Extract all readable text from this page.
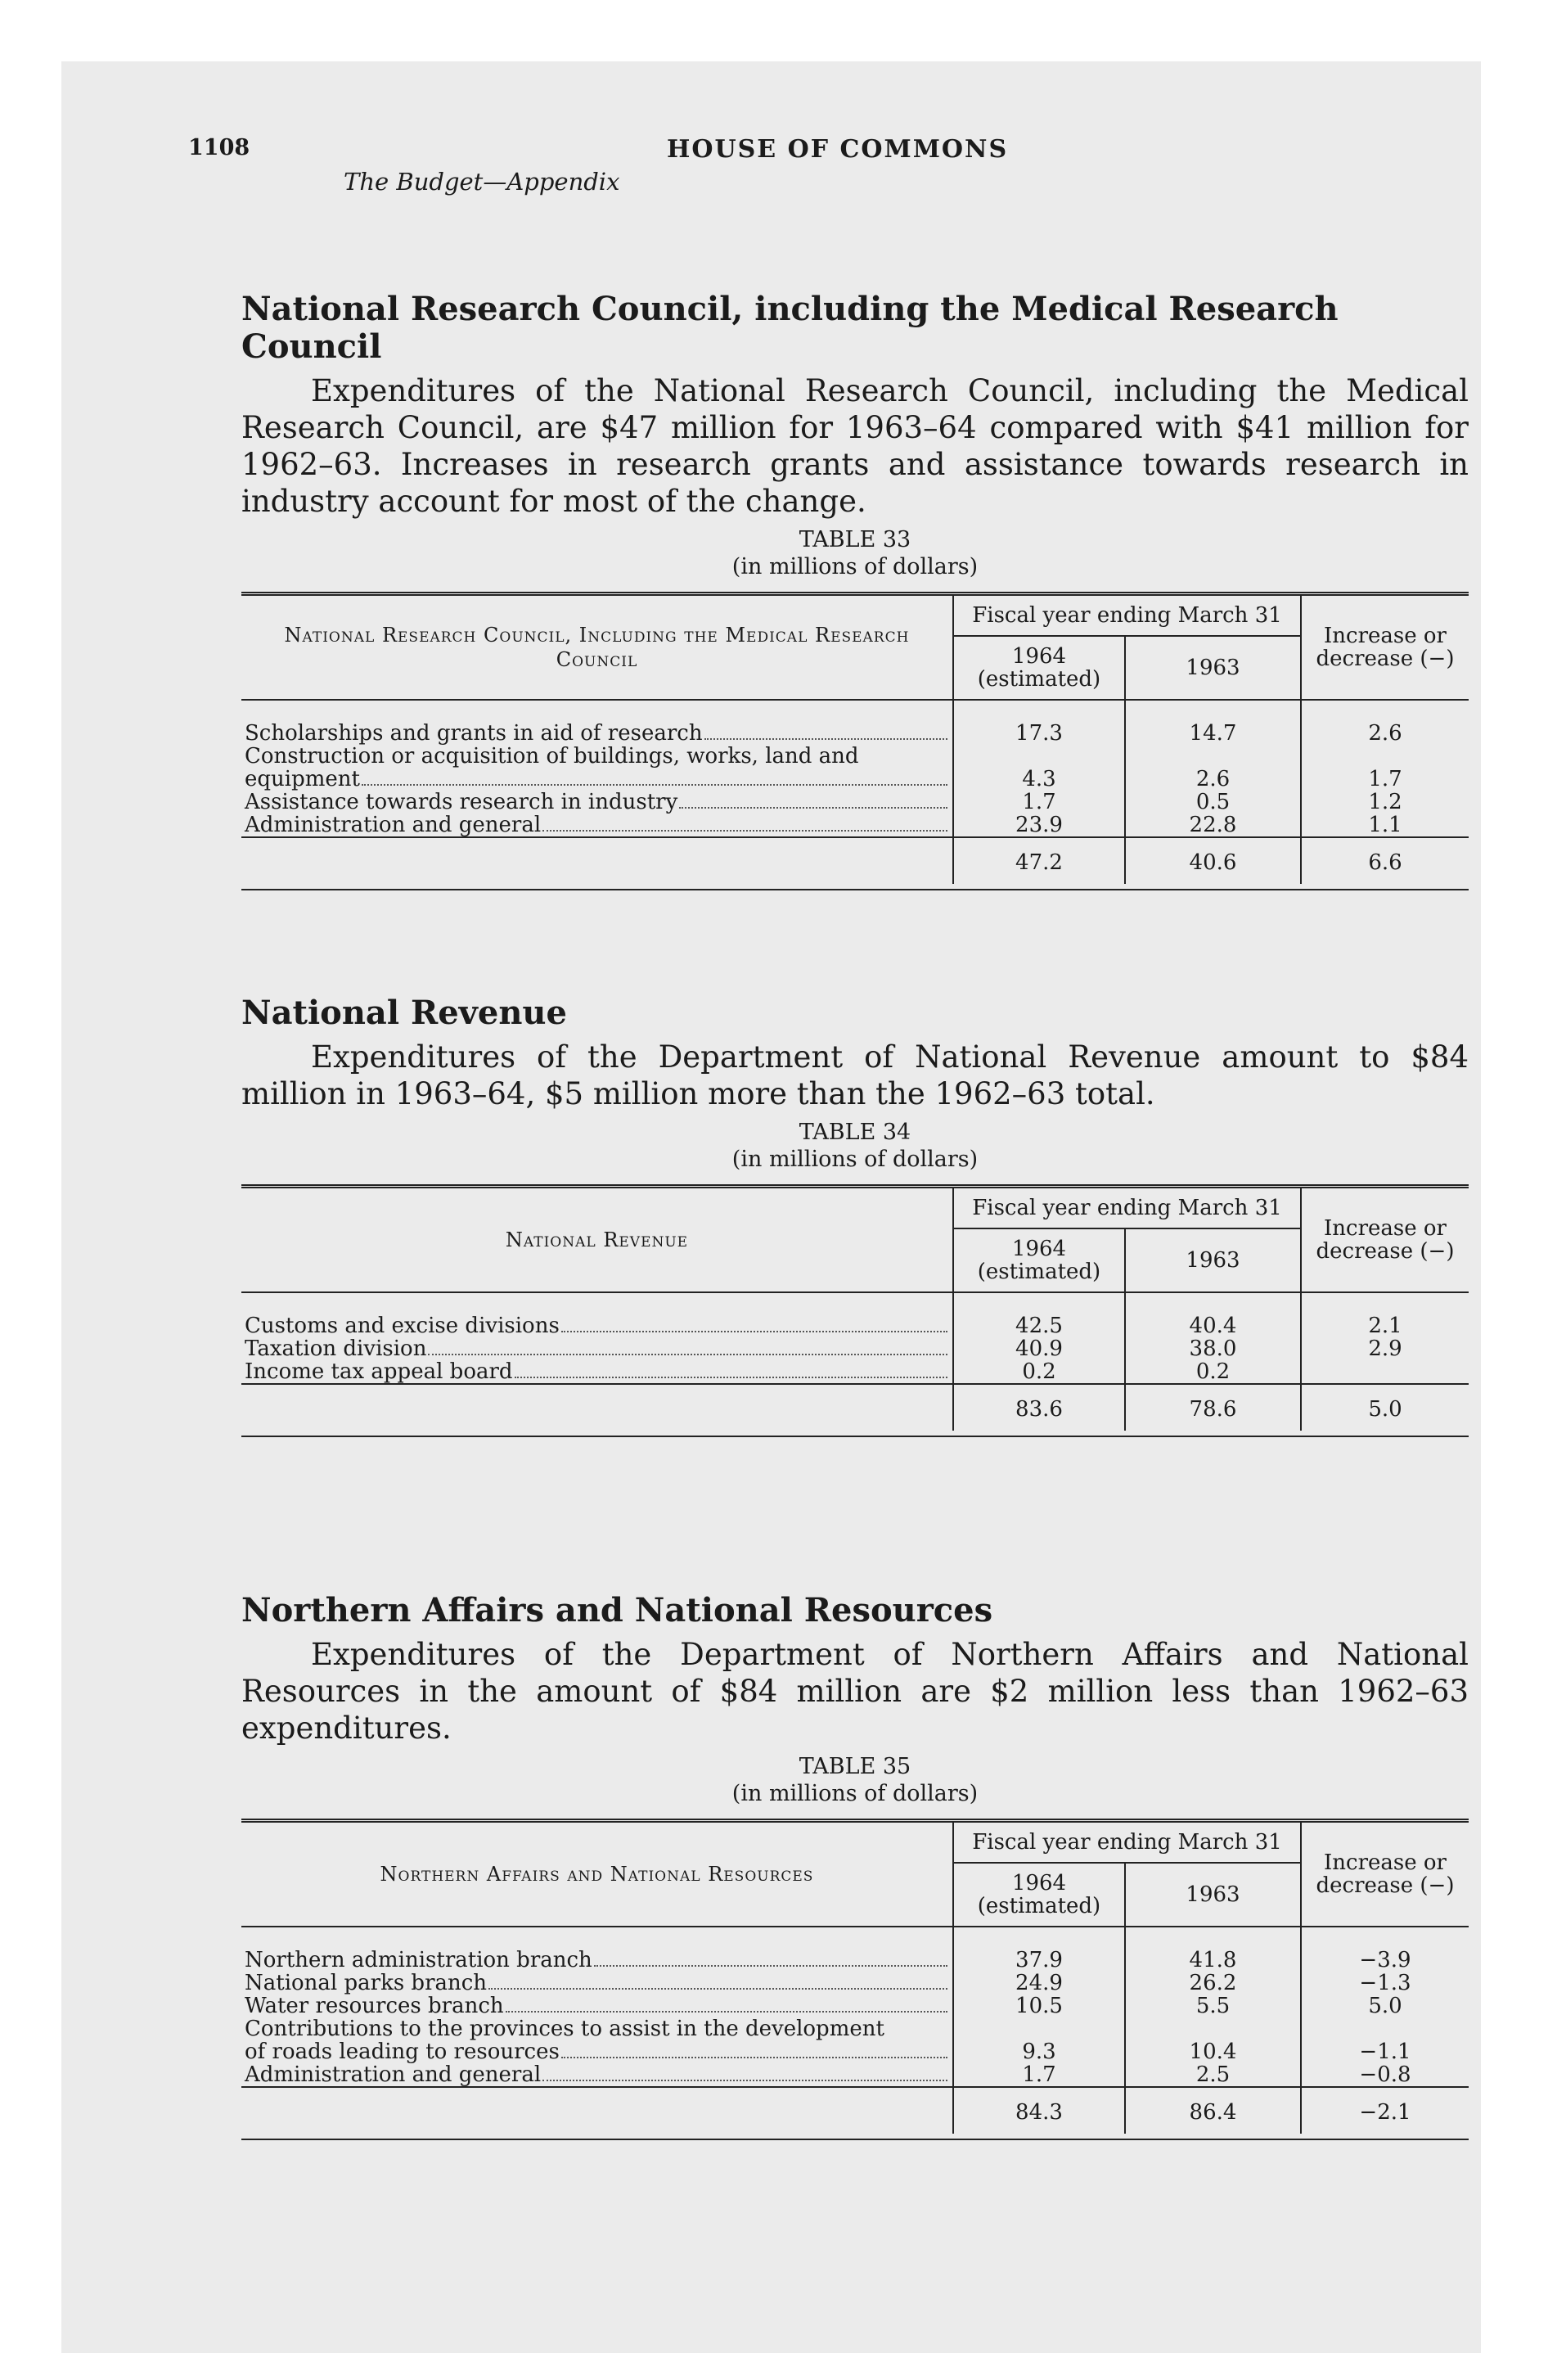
1108	HOUSE OF COMMONS
The Budget—Appendix
National Research Council, including the Medical Research Council

Expenditures of the National Research Council, including the Medical Research Council, are $47 million for 1963–64 compared with $41 million for 1962–63. Increases in research grants and assistance towards research in industry account for most of the change.

TABLE 33
(in millions of dollars)
National Research Council, Including the Medical Research Council	Fiscal year ending March 31		Increase or decrease (−)
	1964 (estimated)	1963	

Scholarships and grants in aid of research	17.3	14.7	2.6

Construction or acquisition of buildings, works, land and
equipment	4.3	2.6	1.7

Assistance towards research in industry	1.7	0.5	1.2

Administration and general	23.9	22.8	1.1
	47.2	40.6	6.6

National Revenue

Expenditures of the Department of National Revenue amount to $84 million in 1963–64, $5 million more than the 1962–63 total.

TABLE 34
(in millions of dollars)
National Revenue	Fiscal year ending March 31		Increase or decrease (−)
	1964 (estimated)	1963	

Customs and excise divisions	42.5	40.4	2.1

Taxation division	40.9	38.0	2.9

Income tax appeal board	0.2	0.2	
	83.6	78.6	5.0

Northern Affairs and National Resources

Expenditures of the Department of Northern Affairs and National Resources in the amount of $84 million are $2 million less than 1962–63 expenditures.

TABLE 35
(in millions of dollars)
Northern Affairs and National Resources	Fiscal year ending March 31		Increase or decrease (−)
	1964 (estimated)	1963	

Northern administration branch	37.9	41.8	−3.9

National parks branch	24.9	26.2	−1.3

Water resources branch	10.5	5.5	5.0

Contributions to the provinces to assist in the development
of roads leading to resources	9.3	10.4	−1.1

Administration and general	1.7	2.5	−0.8
	84.3	86.4	−2.1
